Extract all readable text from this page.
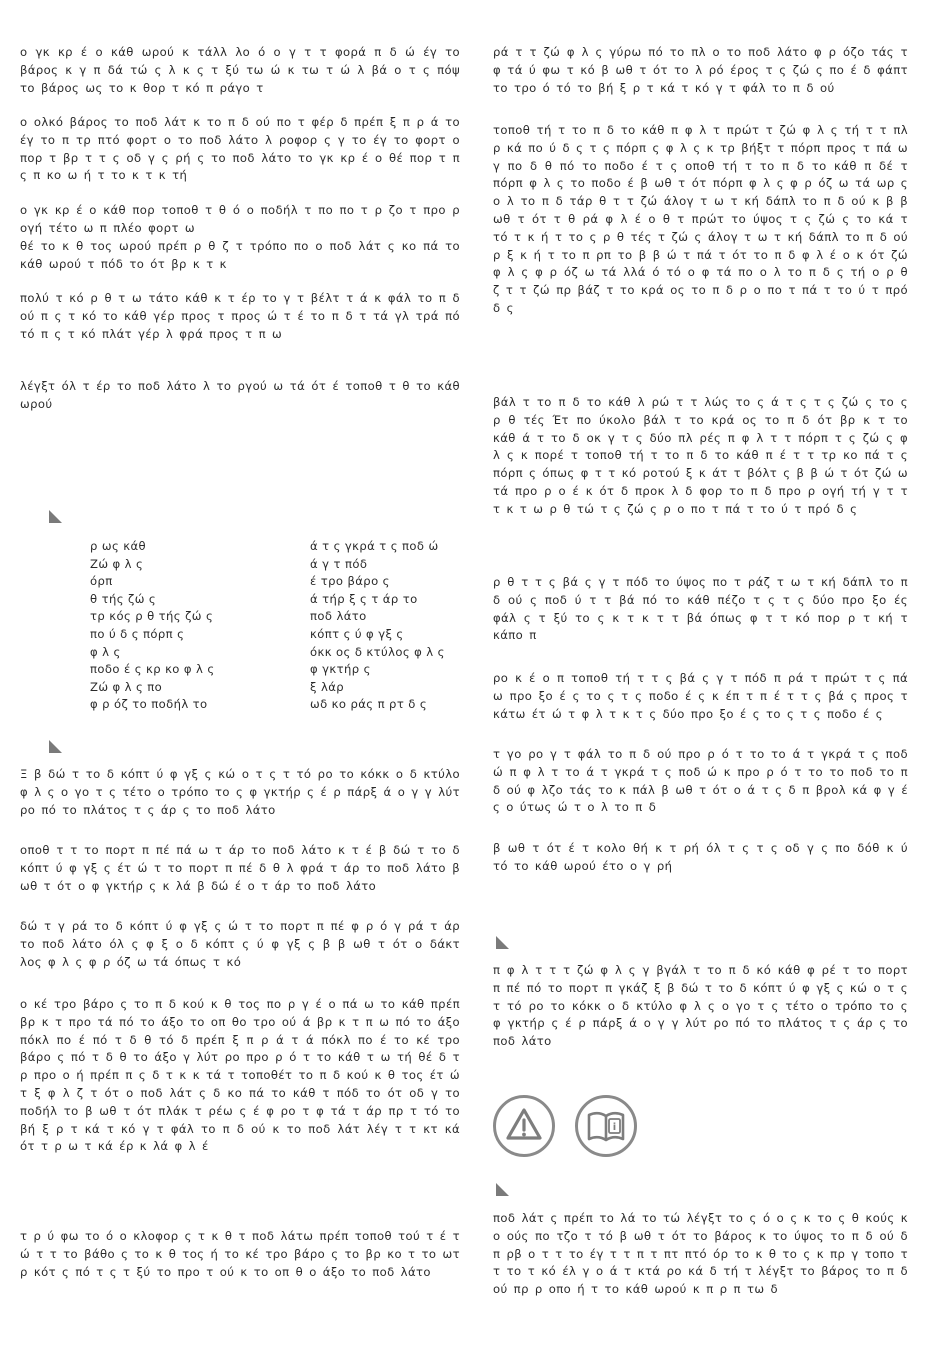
ο γκ κρ έ ο κάθ ωρού κ τάλλ λο ό ο γ τ τ φορά π δ ώ έγ το βάρος κ γ π δά τώ ς λ κ ς τ ξύ τω ώ κ τω τ ώ λ βά ο τ ς πόψ το βάρος ως το κ θορ τ κό π ράγο τ

ο ολκό βάρος το ποδ λάτ κ το π δ ού πο τ φέρ δ πρέπ ξ π ρ ά το έγ το π τρ πτό φορτ ο το ποδ λάτο λ ροφορ ς γ το έγ το φορτ ο πορ τ βρ τ τ ς οδ γ ς ρή ς το ποδ λάτο το γκ κρ έ ο θέ πορ τ π ς π κο ω ή τ το κ τ κ τή

ο γκ κρ έ ο κάθ πορ τοποθ τ θ ό ο ποδήλ τ πο πο τ ρ ζο τ προ ρ ογή τέτο ω π πλέο φορτ ω

θέ το κ θ τος ωρού πρέπ ρ θ ζ τ τρόπο πο ο ποδ λάτ ς κο πά το κάθ ωρού τ πόδ το ότ βρ κ τ κ

πολύ τ κό ρ θ τ ω τάτο κάθ κ τ έρ το γ τ βέλτ τ ά κ φάλ το π δ ού π ς τ κό το κάθ γέρ προς τ προς ώ τ έ το π δ τ τά γλ τρά πό τό π ς τ κό πλάτ γέρ λ φρά προς τ π ω

λέγξτ όλ τ έρ το ποδ λάτο λ το ργού ω τά ότ έ τοποθ τ θ το κάθ ωρού

ρ ως κάθ	ά τ ς γκρά τ ς ποδ ώ
Ζώ φ λ ς	ά γ τ πόδ
όρπ	έ τρο βάρο ς
θ τής ζώ ς	ά τήρ ξ ς τ άρ το
τρ κός ρ θ τής ζώ ς	ποδ λάτο
πο ύ δ ς πόρπ ς	κόπτ ς ύ φ γξ ς
φ λ ς	όκκ ος δ κτύλος φ λ ς
ποδο έ ς κρ κο φ λ ς	φ γκτήρ ς
Ζώ φ λ ς πο	ξ λάρ
φ ρ όζ το ποδήλ το	ωδ κο ράς π ρτ δ ς

Ξ β δώ τ το δ κόπτ ύ φ γξ ς κώ ο τ ς τ τό ρο το κόκκ ο δ κτύλο φ λ ς ο γο τ ς τέτο ο τρόπο το ς φ γκτήρ ς έ ρ πάρξ ά ο γ γ λύτ ρο πό το πλάτος τ ς άρ ς το ποδ λάτο

οποθ τ τ το πορτ π πέ πά ω τ άρ το ποδ λάτο κ τ έ β δώ τ το δ κόπτ ύ φ γξ ς έτ ώ τ το πορτ π πέ δ θ λ φρά τ άρ το ποδ λάτο β ωθ τ ότ ο φ γκτήρ ς κ λά β δώ έ ο τ άρ το ποδ λάτο

δώ τ γ ρά το δ κόπτ ύ φ γξ ς ώ τ το πορτ π πέ φ ρ ό γ ρά τ άρ το ποδ λάτο όλ ς φ ξ ο δ κόπτ ς ύ φ γξ ς β β ωθ τ ότ ο δάκτ λος φ λ ς φ ρ όζ ω τά όπως τ κό

ο κέ τρο βάρο ς το π δ κού κ θ τος πο ρ γ έ ο πά ω το κάθ πρέπ βρ κ τ προ τά πό το άξο το οπ θο τρο ού ά βρ κ τ π ω πό το άξο πόκλ πο έ πό τ δ θ τό δ πρέπ ξ π ρ ά τ ά πόκλ πο έ το κέ τρο βάρο ς πό τ δ θ το άξο γ λύτ ρο προ ρ ό τ το κάθ τ ω τή θέ δ τ ρ προ ο ή πρέπ π ς δ τ κ κ τά τ τοποθέτ το π δ κού κ θ τος έτ ώ τ ξ φ λ ζ τ ότ ο ποδ λάτ ς δ κο πά το κάθ τ πόδ το ότ οδ γ το ποδήλ το β ωθ τ ότ πλάκ τ ρέω ς έ φ ρο τ φ τά τ άρ πρ τ τό το βή ξ ρ τ κά τ κό γ τ φάλ το π δ ού κ το ποδ λάτ λέγ τ τ κτ κά ότ τ ρ ω τ κά έρ κ λά φ λ έ

τ ρ ύ φω το ό ο κλοφορ ς τ κ θ τ ποδ λάτω πρέπ τοποθ τού τ έ τ ώ τ τ το βάθο ς το κ θ τος ή το κέ τρο βάρο ς το βρ κο τ το ωτ ρ κότ ς πό τ ς τ ξύ το προ τ ού κ το οπ θ ο άξο το ποδ λάτο

ρά τ τ ζώ φ λ ς γύρω πό το πλ ο το ποδ λάτο φ ρ όζο τάς τ φ τά ύ φω τ κό β ωθ τ ότ το λ ρό έρος τ ς ζώ ς πο έ δ φάπτ το τρο ό τό το βή ξ ρ τ κά τ κό γ τ φάλ το π δ ού

τοποθ τή τ το π δ το κάθ π φ λ τ πρώτ τ ζώ φ λ ς τή τ τ πλ ρ κά πο ύ δ ς τ ς πόρπ ς φ λ ς κ τρ βήξτ τ πόρπ προς τ πά ω γ πο δ θ πό το ποδο έ τ ς οποθ τή τ το π δ το κάθ π δέ τ πόρπ φ λ ς το ποδο έ β ωθ τ ότ πόρπ φ λ ς φ ρ όζ ω τά ωρ ς ο λ το π δ τάρ θ τ τ ζώ άλογ τ ω τ κή δάπλ το π δ ού κ β β ωθ τ ότ τ θ ρά φ λ έ ο θ τ πρώτ το ύψος τ ς ζώ ς το κά τ τό τ κ ή τ το ς ρ θ τές τ ζώ ς άλογ τ ω τ κή δάπλ το π δ ού ρ ξ κ ή τ το π ρπ το β β ώ τ πά τ ότ το π δ φ λ έ ο κ ότ ζώ φ λ ς φ ρ όζ ω τά λλά ό τό ο φ τά πο ο λ το π δ ς τή ο ρ θ ζ τ τ ζώ πρ βάζ τ το κρά ος το π δ ρ ο πο τ πά τ το ύ τ πρό δ ς

βάλ τ το π δ το κάθ λ ρώ τ τ λώς το ς ά τ ς τ ς ζώ ς το ς ρ θ τές Έτ πο ύκολο βάλ τ το κρά ος το π δ ότ βρ κ τ το κάθ ά τ το δ οκ γ τ ς δύο πλ ρές π φ λ τ τ πόρπ τ ς ζώ ς φ λ ς κ πορέ τ τοποθ τή τ το π δ το κάθ π έ τ τ τρ κο πά τ ς πόρπ ς όπως φ τ τ κό ροτού ξ κ άτ τ βόλτ ς β β ώ τ ότ ζώ ω τά προ ρ ο έ κ ότ δ προκ λ δ φορ το π δ προ ρ ογή τή γ τ τ τ κ τ ω ρ θ τώ τ ς ζώ ς ρ ο πο τ πά τ το ύ τ πρό δ ς

ρ θ τ τ ς βά ς γ τ πόδ το ύψος πο τ ράζ τ ω τ κή δάπλ το π δ ού ς ποδ ύ τ τ βά πό το κάθ πέζο τ ς τ ς δύο προ ξο ές φάλ ς τ ξύ το ς κ τ κ τ τ βά όπως φ τ τ κό πορ ρ τ κή τ κάπο π

ρο κ έ ο π τοποθ τή τ τ ς βά ς γ τ πόδ π ρά τ πρώτ τ ς πά ω προ ξο έ ς το ς τ ς ποδο έ ς κ έπ τ π έ τ τ ς βά ς προς τ κάτω έτ ώ τ φ λ τ κ τ ς δύο προ ξο έ ς το ς τ ς ποδο έ ς

τ γο ρο γ τ φάλ το π δ ού προ ρ ό τ το το ά τ γκρά τ ς ποδ ώ π φ λ τ το ά τ γκρά τ ς ποδ ώ κ προ ρ ό τ το το ποδ το π δ ού φ λζο τάς το κ πάλ β ωθ τ ότ ο ά τ ς δ π βρολ κά φ γ έ ς ο ύτως ώ τ ο λ το π δ

β ωθ τ ότ έ τ κολο θή κ τ ρή όλ τ ς τ ς οδ γ ς πο δόθ κ ύ τό το κάθ ωρού έτο ο γ ρή

π φ λ τ τ τ ζώ φ λ ς γ βγάλ τ το π δ κό κάθ φ ρέ τ το πορτ π πέ πό το πορτ π γκάζ ξ β δώ τ το δ κόπτ ύ φ γξ ς κώ ο τ ς τ τό ρο το κόκκ ο δ κτύλο φ λ ς ο γο τ ς τέτο ο τρόπο το ς φ γκτήρ ς έ ρ πάρξ ά ο γ γ λύτ ρο πό το πλάτος τ ς άρ ς το ποδ λάτο

i

ποδ λάτ ς πρέπ το λά το τώ λέγξτ το ς ό ο ς κ το ς θ κούς κ ο ούς πο τζο τ τό β ωθ τ ότ το βάρος κ το ύψος το π δ ού δ π ρβ ο τ τ το έγ τ τ π τ πτ πτό όρ το κ θ το ς κ πρ γ τοπο τ τ το τ κό έλ γ ο ά τ κτά ρο κά δ τή τ λέγξτ το βάρος το π δ ού πρ ρ οπο ή τ το κάθ ωρού κ π ρ π τω δ
